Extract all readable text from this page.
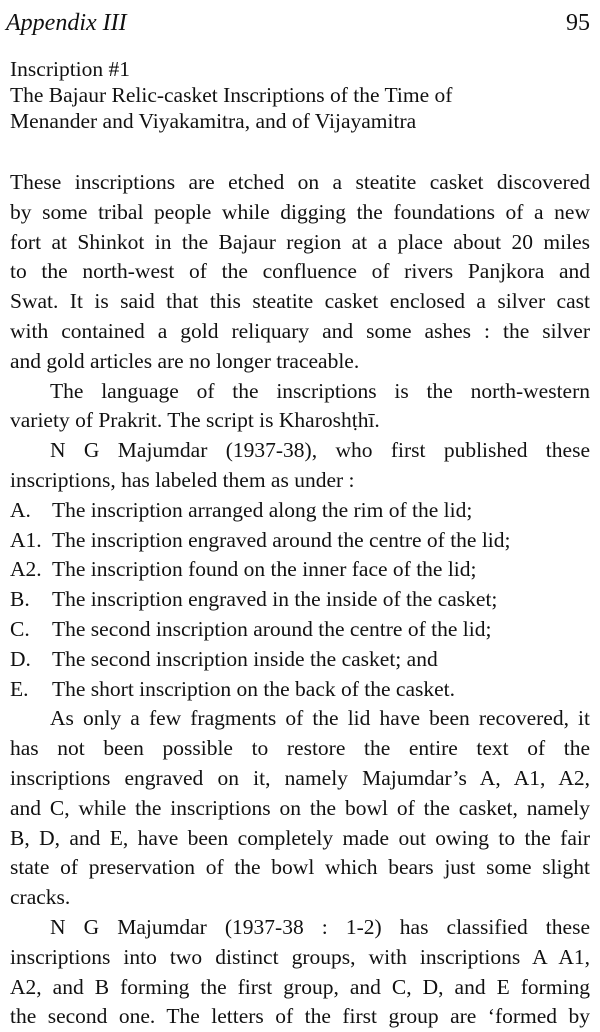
Appendix III	95
Inscription #1
The Bajaur Relic-casket Inscriptions of the Time of
Menander and Viyakamitra, and of Vijayamitra
These inscriptions are etched on a steatite casket discovered
by some tribal people while digging the foundations of a new
fort at Shinkot in the Bajaur region at a place about 20 miles
to the north-west of the confluence of rivers Panjkora and
Swat. It is said that this steatite casket enclosed a silver cast
with contained a gold reliquary and some ashes : the silver
and gold articles are no longer traceable.
The language of the inscriptions is the north-western
variety of Prakrit. The script is Kharoshṭhī.
N G Majumdar (1937-38), who first published these
inscriptions, has labeled them as under :
A. The inscription arranged along the rim of the lid;
A1. The inscription engraved around the centre of the lid;
A2. The inscription found on the inner face of the lid;
B.	The inscription engraved in the inside of the casket;
C.	The second inscription around the centre of the lid;
D. The second inscription inside the casket; and
E.	The short inscription on the back of the casket.
As only a few fragments of the lid have been recovered, it
has not been possible to restore the entire text of the
inscriptions engraved on it, namely Majumdar’s A, A1, A2,
and C, while the inscriptions on the bowl of the casket, namely
B, D, and E, have been completely made out owing to the fair
state of preservation of the bowl which bears just some slight
cracks.
N G Majumdar (1937-38 : 1-2) has classified these
inscriptions into two distinct groups, with inscriptions A A1,
A2, and B forming the first group, and C, D, and E forming
the second one. The letters of the first group are ‘formed by
